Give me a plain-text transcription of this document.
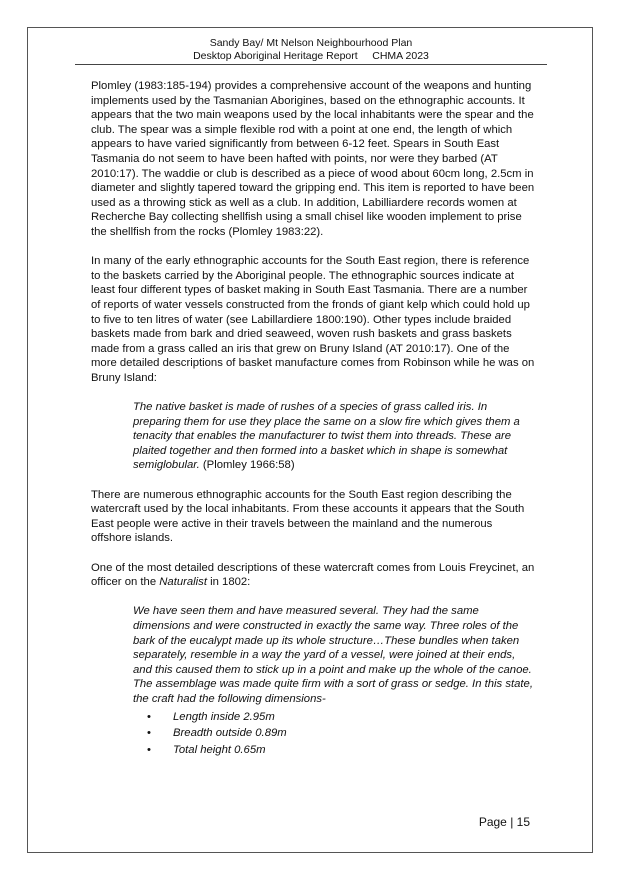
Sandy Bay/ Mt Nelson Neighbourhood Plan
Desktop Aboriginal Heritage Report     CHMA 2023

Plomley (1983:185-194) provides a comprehensive account of the weapons and hunting implements used by the Tasmanian Aborigines, based on the ethnographic accounts. It appears that the two main weapons used by the local inhabitants were the spear and the club. The spear was a simple flexible rod with a point at one end, the length of which appears to have varied significantly from between 6-12 feet. Spears in South East Tasmania do not seem to have been hafted with points, nor were they barbed (AT 2010:17). The waddie or club is described as a piece of wood about 60cm long, 2.5cm in diameter and slightly tapered toward the gripping end. This item is reported to have been used as a throwing stick as well as a club. In addition, Labilliardere records women at Recherche Bay collecting shellfish using a small chisel like wooden implement to prise the shellfish from the rocks (Plomley 1983:22).

In many of the early ethnographic accounts for the South East region, there is reference to the baskets carried by the Aboriginal people. The ethnographic sources indicate at least four different types of basket making in South East Tasmania. There are a number of reports of water vessels constructed from the fronds of giant kelp which could hold up to five to ten litres of water (see Labillardiere 1800:190). Other types include braided baskets made from bark and dried seaweed, woven rush baskets and grass baskets made from a grass called an iris that grew on Bruny Island (AT 2010:17). One of the more detailed descriptions of basket manufacture comes from Robinson while he was on Bruny Island:

The native basket is made of rushes of a species of grass called iris. In preparing them for use they place the same on a slow fire which gives them a tenacity that enables the manufacturer to twist them into threads. These are plaited together and then formed into a basket which in shape is somewhat semiglobular. (Plomley 1966:58)

There are numerous ethnographic accounts for the South East region describing the watercraft used by the local inhabitants. From these accounts it appears that the South East people were active in their travels between the mainland and the numerous offshore islands.

One of the most detailed descriptions of these watercraft comes from Louis Freycinet, an officer on the Naturalist in 1802:

We have seen them and have measured several. They had the same dimensions and were constructed in exactly the same way. Three roles of the bark of the eucalypt made up its whole structure…These bundles when taken separately, resemble in a way the yard of a vessel, were joined at their ends, and this caused them to stick up in a point and make up the whole of the canoe. The assemblage was made quite firm with a sort of grass or sedge. In this state, the craft had the following dimensions-
• Length inside 2.95m
• Breadth outside 0.89m
• Total height 0.65m
Page | 15
